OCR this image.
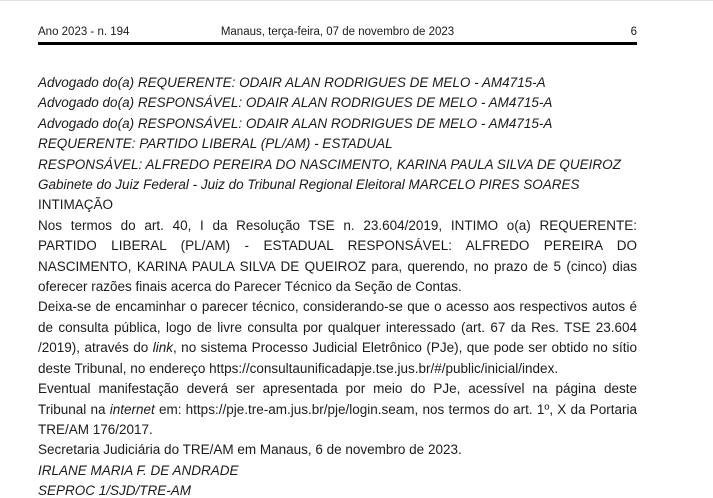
Ano 2023 - n. 194	Manaus, terça-feira, 07 de novembro de 2023	6
Advogado do(a) REQUERENTE: ODAIR ALAN RODRIGUES DE MELO - AM4715-A
Advogado do(a) RESPONSÁVEL: ODAIR ALAN RODRIGUES DE MELO - AM4715-A
Advogado do(a) RESPONSÁVEL: ODAIR ALAN RODRIGUES DE MELO - AM4715-A
REQUERENTE: PARTIDO LIBERAL (PL/AM) - ESTADUAL
RESPONSÁVEL: ALFREDO PEREIRA DO NASCIMENTO, KARINA PAULA SILVA DE QUEIROZ
Gabinete do Juiz Federal - Juiz do Tribunal Regional Eleitoral MARCELO PIRES SOARES
INTIMAÇÃO
Nos termos do art. 40, I da Resolução TSE n. 23.604/2019, INTIMO o(a) REQUERENTE:
PARTIDO LIBERAL (PL/AM) - ESTADUAL RESPONSÁVEL: ALFREDO PEREIRA DO
NASCIMENTO, KARINA PAULA SILVA DE QUEIROZ para, querendo, no prazo de 5 (cinco) dias
oferecer razões finais acerca do Parecer Técnico da Seção de Contas.
Deixa-se de encaminhar o parecer técnico, considerando-se que o acesso aos respectivos autos é
de consulta pública, logo de livre consulta por qualquer interessado (art. 67 da Res. TSE 23.604
/2019), através do link, no sistema Processo Judicial Eletrônico (PJe), que pode ser obtido no sítio
deste Tribunal, no endereço https://consultaunificadapje.tse.jus.br/#/public/inicial/index.
Eventual manifestação deverá ser apresentada por meio do PJe, acessível na página deste
Tribunal na internet em: https://pje.tre-am.jus.br/pje/login.seam, nos termos do art. 1º, X da Portaria
TRE/AM 176/2017.
Secretaria Judiciária do TRE/AM em Manaus, 6 de novembro de 2023.
IRLANE MARIA F. DE ANDRADE
SEPROC 1/SJD/TRE-AM
